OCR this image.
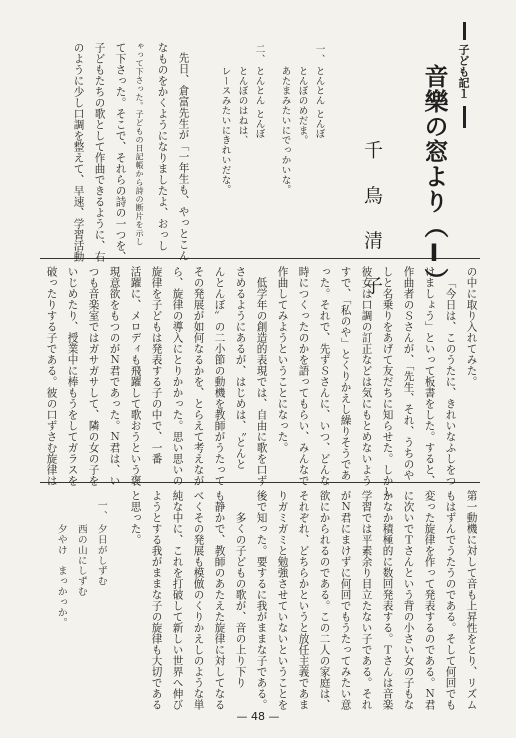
子ども記１
音樂の窓より（Ⅰ）
千 鳥 清 子
一、
とんとん とんぼ
とんぼのめだま。
あたまみたいにでっかいな。
二、
とんとん とんぼ
とんぼのはねは、
レースみたいにきれいだな。
先日、倉富先生が「一年生も、やっとこん
なものをかくようになりましたよ、おっし
ゃって下さった。子どもの日記帳から詩の断片を示し
て下さった。そこで、それらの詩の一つを、
子どもたちの歌として作曲できるように、右
のように少し口調を整えて、早速、学習活動
の中に取り入れてみた。
「今日は、このうたに、きれいなふしをつ
けましょう」といって板書をした。すると、
作曲者のＳさんが、「先生、それ、うちのや
しと名乗りをあげて友だちに知らせた。しかし
彼女は口調の訂正などは気にもとめないよう
すで、「私のや」とくりかえし繰りそうであ
った。それで、先ずＳさんに、いつ、どんな
時につくったのかを語ってもらい、みんなで
作曲してみようということになった。
低学年の創造的表現では、自由に歌を口ず
さめるようにあるが、はじめは、〝とんと
んとんぼ〟の二小節の動機を教師がうたって
その発展が如何なるかを、とらえて考えなが
ら、旋律の導入にとりかかった。思い思いの
旋律を子どもは発表する子の中で、一番
活躍に、メロディも飛躍して歌おうという褒
現意欲をもつのがＮ君であった。Ｎ君は、い
つも音楽室ではガサガサして、隣の女の子を
いじめたり、授業中に棒もうをしてガラスを
破ったりする子である。彼の口ずさむ旋律は
第一動機に対して音も上昇性をとり、リズム
もはずんでうたうのである。そして何回でも
変った旋律を作って発表するのである。Ｎ君
に次いでＴさんという背の小さい女の子もな
かなか積極的に数回発表する。Ｔさんは音楽
学習では平素余り目立たない子である。それ
がＮ君にまけずに何回でもうたってみたい意
欲にかられるのである。この二人の家庭は、
それぞれ、どちらかというと放任主義であま
りガミガミと勉強させていないということを
後で知った。要するに我がままな子である。
多くの子どもの歌が、音の上り下り
も静かで、教師のあたえた旋律に対してなる
べくその発展も模倣のくりかえしのような単
純な中に、これを打破して新しい世界へ伸び
ようとする我がままな子の旋律も大切である
と思った。
一、
夕日がしずむ
西の山にしずむ
夕やけ　まっかっか。
— 48 —
